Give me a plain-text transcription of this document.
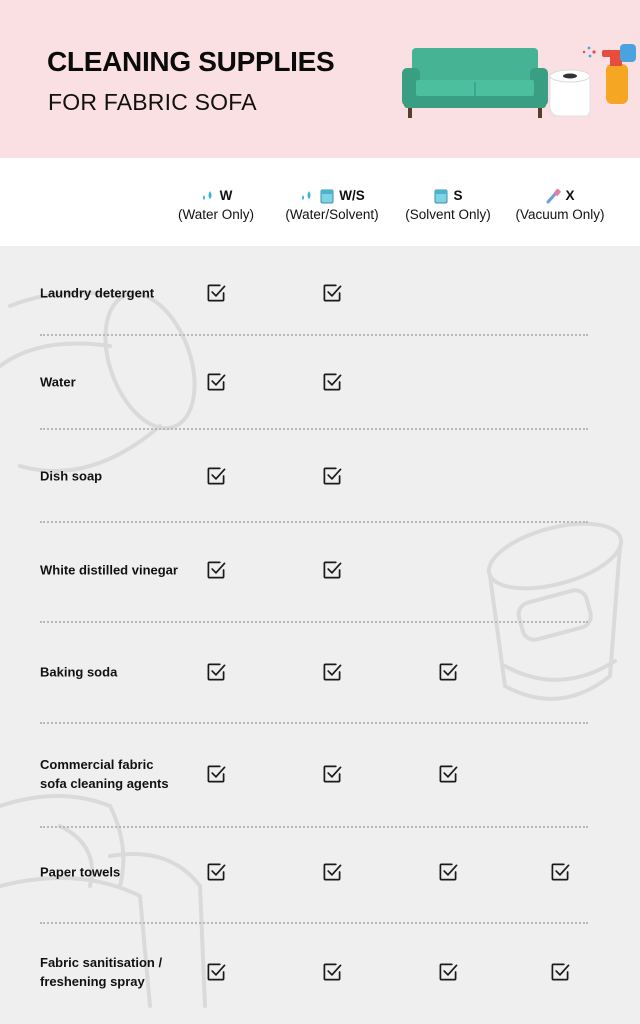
CLEANING SUPPLIES
FOR FABRIC SOFA
W
(Water Only)
W/S
(Water/Solvent)
S
(Solvent Only)
X
(Vacuum Only)
Laundry detergent
Water
Dish soap
White distilled vinegar
Baking soda
Commercial fabric sofa cleaning agents
Paper towels
Fabric sanitisation / freshening spray
